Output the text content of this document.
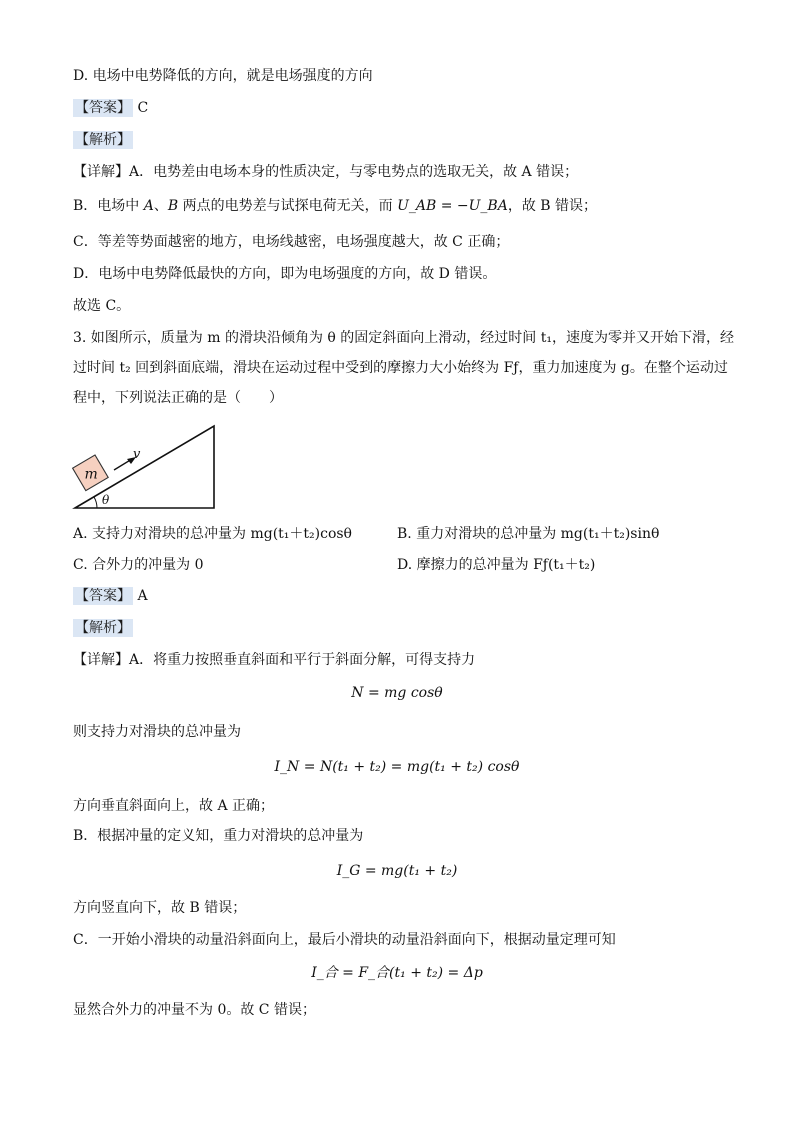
D. 电场中电势降低的方向，就是电场强度的方向
【答案】 C
【解析】
【详解】A．电势差由电场本身的性质决定，与零电势点的选取无关，故 A 错误；
B．电场中 A、B 两点的电势差与试探电荷无关，而 U_AB = −U_BA，故 B 错误；
C．等差等势面越密的地方，电场线越密，电场强度越大，故 C 正确；
D．电场中电势降低最快的方向，即为电场强度的方向，故 D 错误。
故选 C。
3. 如图所示，质量为 m 的滑块沿倾角为 θ 的固定斜面向上滑动，经过时间 t₁，速度为零并又开始下滑，经
过时间 t₂ 回到斜面底端，滑块在运动过程中受到的摩擦力大小始终为 Fƒ，重力加速度为 g。在整个运动过
程中，下列说法正确的是（　　）
m
v
θ
A. 支持力对滑块的总冲量为 mg(t₁＋t₂)cosθ	B. 重力对滑块的总冲量为 mg(t₁＋t₂)sinθ
C. 合外力的冲量为 0	D. 摩擦力的总冲量为 Fƒ(t₁＋t₂)
【答案】 A
【解析】
【详解】A．将重力按照垂直斜面和平行于斜面分解，可得支持力
N = mg cosθ
则支持力对滑块的总冲量为
I_N = N(t₁ + t₂) = mg(t₁ + t₂) cosθ
方向垂直斜面向上，故 A 正确；
B．根据冲量的定义知，重力对滑块的总冲量为
I_G = mg(t₁ + t₂)
方向竖直向下，故 B 错误；
C．一开始小滑块的动量沿斜面向上，最后小滑块的动量沿斜面向下，根据动量定理可知
I_合 = F_合(t₁ + t₂) = Δp
显然合外力的冲量不为 0。故 C 错误；
